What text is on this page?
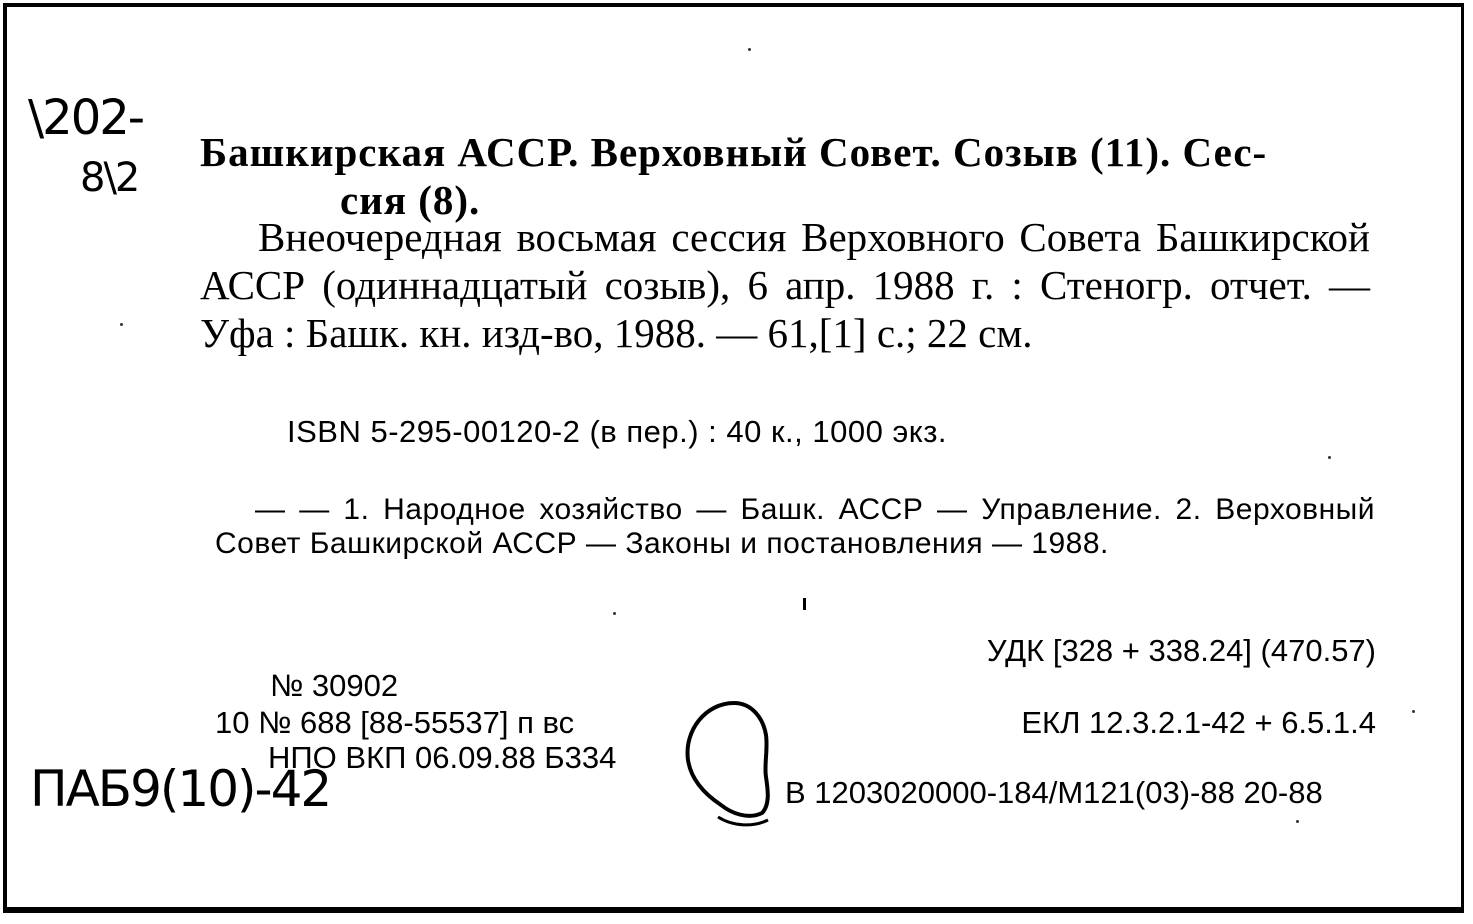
\202-
8\2
Башкирская АССР. Верховный Совет. Созыв (11). Сес-
сия (8).
Внеочередная восьмая сессия Верховного Совета Башкирской АССР (одиннадцатый созыв), 6 апр. 1988 г. : Стеногр. отчет. — Уфа : Башк. кн. изд-во, 1988. — 61,[1] с.; 22 см.
ISBN 5-295-00120-2 (в пер.) : 40 к., 1000 экз.
— — 1. Народное хозяйство — Башк. АССР — Управление. 2. Верховный Совет Башкирской АССР — Законы и постановления — 1988.
УДК [328 + 338.24] (470.57)
№ 30902
10 № 688 [88-55537] п вс
НПО ВКП 06.09.88 Б334
ЕКЛ 12.3.2.1-42 + 6.5.1.4
В 1203020000-184/М121(03)-88 20-88
ПАБ9(10)-42
